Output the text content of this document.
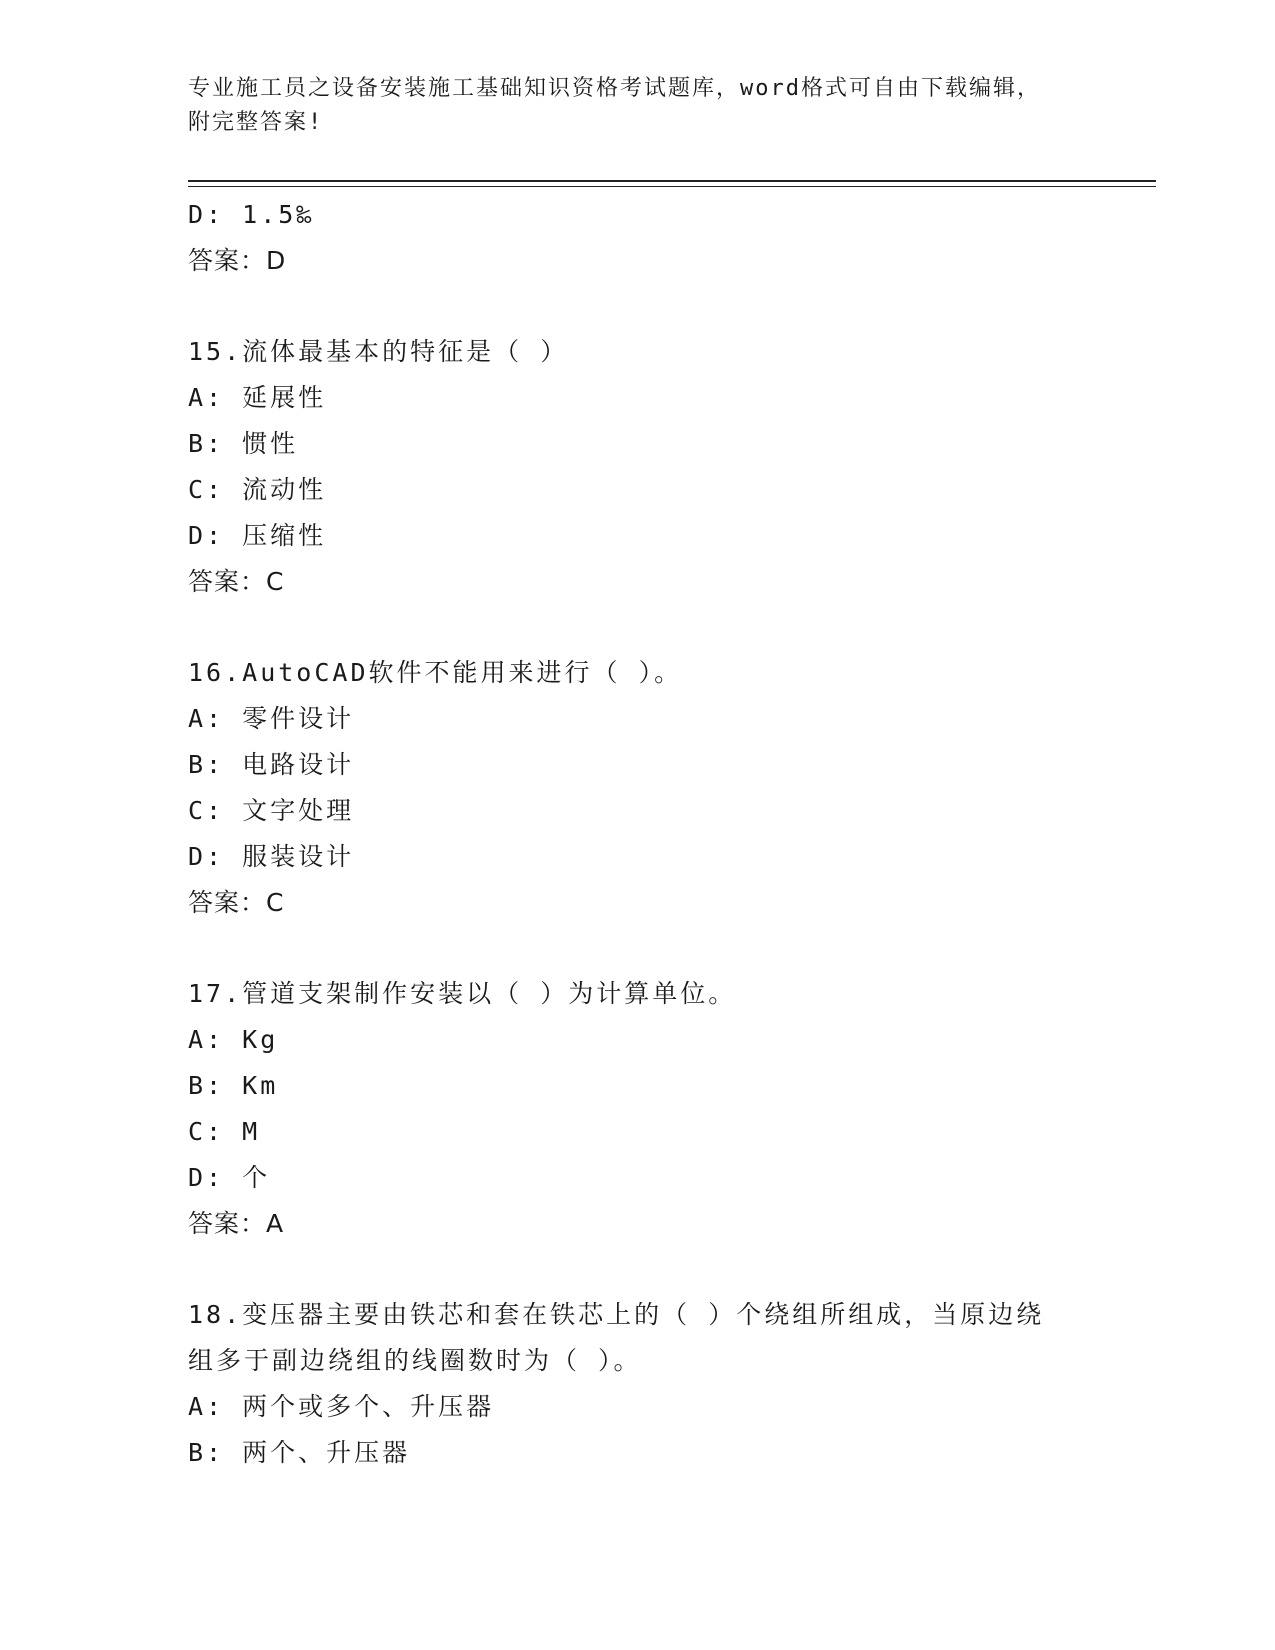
专业施工员之设备安装施工基础知识资格考试题库，word格式可自由下载编辑，
附完整答案!
D: 1.5‰
答案：D
15.流体最基本的特征是（ ）
A: 延展性
B: 惯性
C: 流动性
D: 压缩性
答案：C
16.AutoCAD软件不能用来进行（ ）。
A: 零件设计
B: 电路设计
C: 文字处理
D: 服装设计
答案：C
17.管道支架制作安装以（ ）为计算单位。
A: Kg
B: Km
C: M
D: 个
答案：A
18.变压器主要由铁芯和套在铁芯上的（ ）个绕组所组成，当原边绕
组多于副边绕组的线圈数时为（ ）。
A: 两个或多个、升压器
B: 两个、升压器
